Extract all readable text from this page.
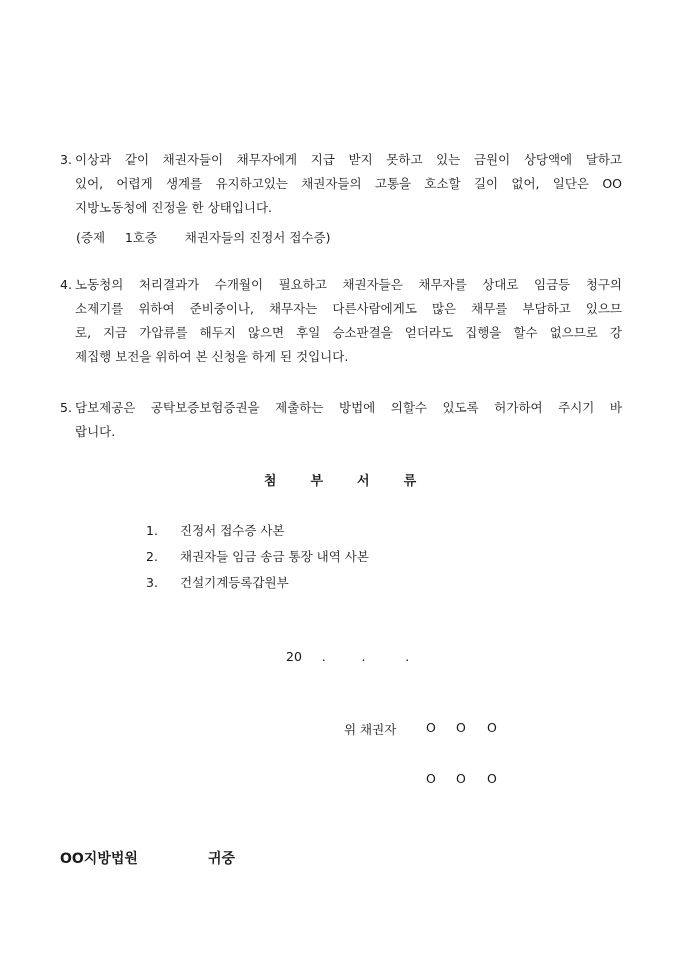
3. 이상과 같이 채권자들이 채무자에게 지급 받지 못하고 있는 금원이 상당액에 달하고
있어, 어렵게 생계를 유지하고있는 채권자들의 고통을 호소할 길이 없어, 일단은 OO
지방노동청에 진정을 한 상태입니다.
(증제     1호증       채권자들의 진정서 접수증)
4. 노동청의 처리결과가 수개월이 필요하고 채권자들은 채무자를 상대로 임금등 청구의
소제기를 위하여 준비중이나, 채무자는 다른사람에게도 많은 채무를 부담하고 있으므
로, 지금 가압류를 해두지 않으면 후일 승소판결을 얻더라도 집행을 할수 없으므로 강
제집행 보전을 위하여 본 신청을 하게 된 것입니다.
5. 담보제공은 공탁보증보험증권을 제출하는 방법에 의할수 있도록 허가하여 주시기 바
랍니다.
첨	부	서	류
1.	진정서 접수증 사본
2.	채권자들 임금 송금 통장 내역 사본
3.	건설기계등록갑원부
20     .         .          .
위 채권자 O O O
O O O
OO지방법원	귀중
